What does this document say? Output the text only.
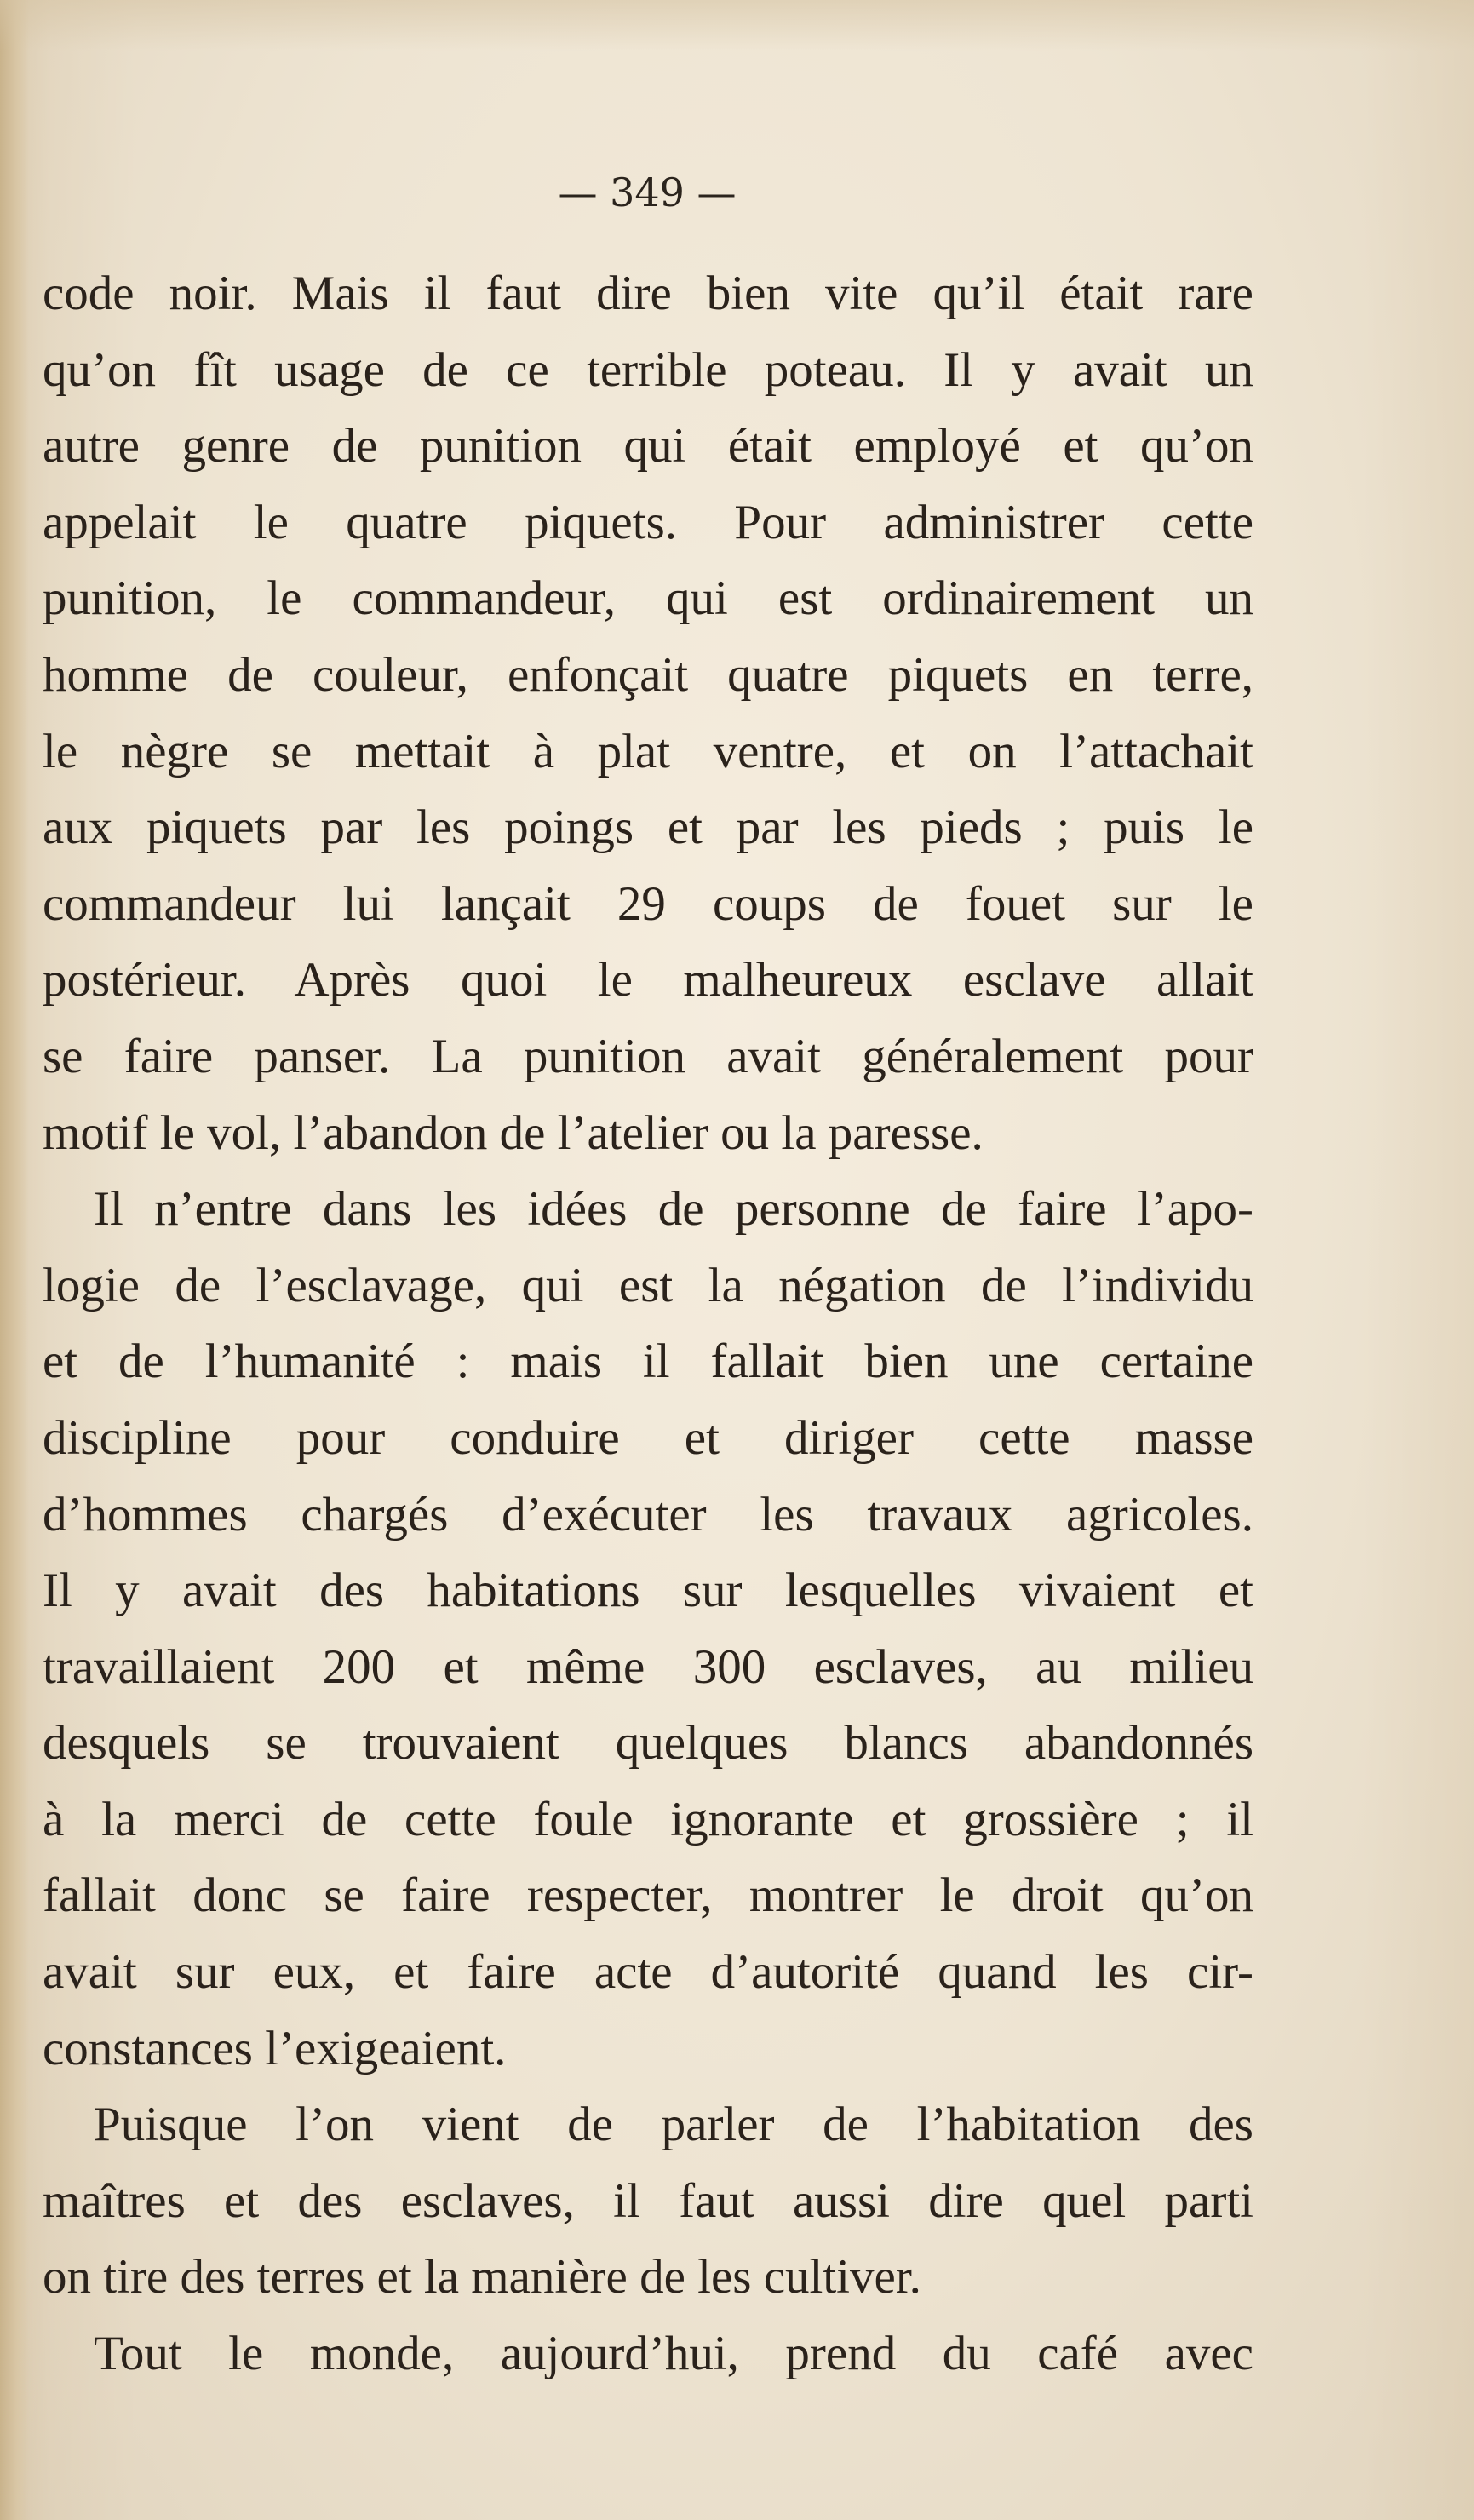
— 349 —
code noir. Mais il faut dire bien vite qu’il était rare
qu’on fît usage de ce terrible poteau. Il y avait un
autre genre de punition qui était employé et qu’on
appelait le quatre piquets. Pour administrer cette
punition, le commandeur, qui est ordinairement un
homme de couleur, enfonçait quatre piquets en terre,
le nègre se mettait à plat ventre, et on l’attachait
aux piquets par les poings et par les pieds ; puis le
commandeur lui lançait 29 coups de fouet sur le
postérieur. Après quoi le malheureux esclave allait
se faire panser. La punition avait généralement pour
motif le vol, l’abandon de l’atelier ou la paresse.
Il n’entre dans les idées de personne de faire l’apo-
logie de l’esclavage, qui est la négation de l’individu
et de l’humanité : mais il fallait bien une certaine
discipline pour conduire et diriger cette masse
d’hommes chargés d’exécuter les travaux agricoles.
Il y avait des habitations sur lesquelles vivaient et
travaillaient 200 et même 300 esclaves, au milieu
desquels se trouvaient quelques blancs abandonnés
à la merci de cette foule ignorante et grossière ; il
fallait donc se faire respecter, montrer le droit qu’on
avait sur eux, et faire acte d’autorité quand les cir-
constances l’exigeaient.
Puisque l’on vient de parler de l’habitation des
maîtres et des esclaves, il faut aussi dire quel parti
on tire des terres et la manière de les cultiver.
Tout le monde, aujourd’hui, prend du café avec
